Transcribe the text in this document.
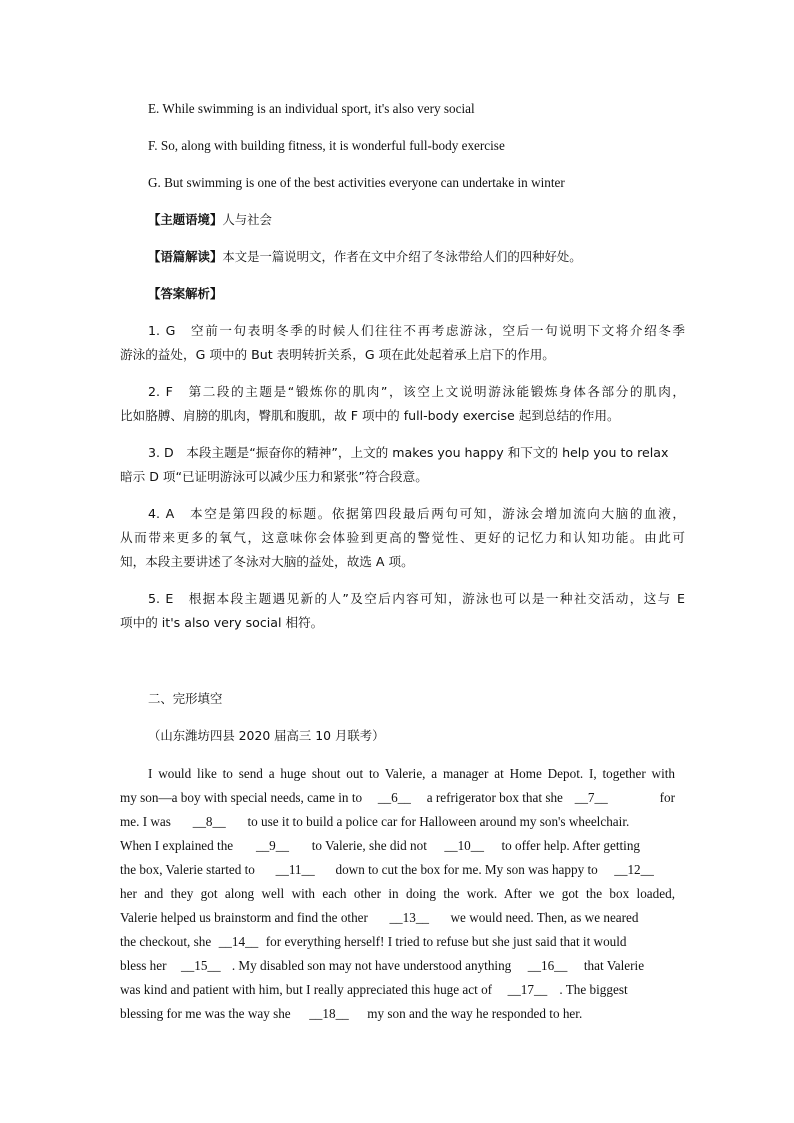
E. While swimming is an individual sport, it's also very social
F. So, along with building fitness, it is wonderful full-body exercise
G. But swimming is one of the best activities everyone can undertake in winter
【主题语境】人与社会
【语篇解读】本文是一篇说明文，作者在文中介绍了冬泳带给人们的四种好处。
【答案解析】
1. G　空前一句表明冬季的时候人们往往不再考虑游泳，空后一句说明下文将介绍冬季
游泳的益处，G 项中的 But 表明转折关系，G 项在此处起着承上启下的作用。
2. F　第二段的主题是“锻炼你的肌肉”，该空上文说明游泳能锻炼身体各部分的肌肉，
比如胳膊、肩膀的肌肉，臀肌和腹肌，故 F 项中的 full-body exercise 起到总结的作用。
3. D　本段主题是“振奋你的精神”，上文的 makes you happy 和下文的 help you to relax
暗示 D 项“已证明游泳可以减少压力和紧张”符合段意。
4. A　本空是第四段的标题。依据第四段最后两句可知，游泳会增加流向大脑的血液，
从而带来更多的氧气，这意味你会体验到更高的警觉性、更好的记忆力和认知功能。由此可
知，本段主要讲述了冬泳对大脑的益处，故选 A 项。
5. E　根据本段主题遇见新的人”及空后内容可知，游泳也可以是一种社交活动，这与 E
项中的 it's also very social 相符。
二、完形填空
（山东潍坊四县 2020 届高三 10 月联考）
I would like to send a huge shout out to Valerie, a manager at Home Depot. I, together with
my son—a boy with special needs, came in to __6__ a refrigerator box that she __7__	for
me. I was __8__ to use it to build a police car for Halloween around my son's wheelchair.
When I explained the __9__ to Valerie, she did not __10__ to offer help. After getting
the box, Valerie started to __11__ down to cut the box for me. My son was happy to __12__
her and they got along well with each other in doing the work. After we got the box loaded,
Valerie helped us brainstorm and find the other __13__ we would need. Then, as we neared
the checkout, she __14__ for everything herself! I tried to refuse but she just said that it would
bless her __15__ . My disabled son may not have understood anything __16__ that Valerie
was kind and patient with him, but I really appreciated this huge act of __17__ . The biggest
blessing for me was the way she __18__ my son and the way he responded to her.
